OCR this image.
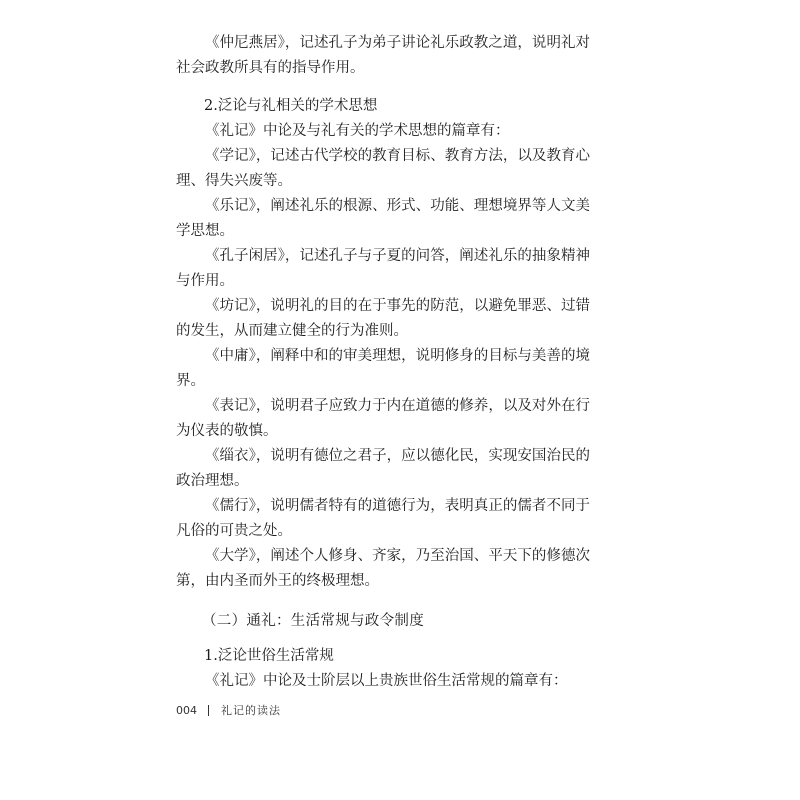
《仲尼燕居》，记述孔子为弟子讲论礼乐政教之道，说明礼对社会政教所具有的指导作用。

2.泛论与礼相关的学术思想

《礼记》中论及与礼有关的学术思想的篇章有：

《学记》，记述古代学校的教育目标、教育方法，以及教育心理、得失兴废等。

《乐记》，阐述礼乐的根源、形式、功能、理想境界等人文美学思想。

《孔子闲居》，记述孔子与子夏的问答，阐述礼乐的抽象精神与作用。

《坊记》，说明礼的目的在于事先的防范，以避免罪恶、过错的发生，从而建立健全的行为准则。

《中庸》，阐释中和的审美理想，说明修身的目标与美善的境界。

《表记》，说明君子应致力于内在道德的修养，以及对外在行为仪表的敬慎。

《缁衣》，说明有德位之君子，应以德化民，实现安国治民的政治理想。

《儒行》，说明儒者特有的道德行为，表明真正的儒者不同于凡俗的可贵之处。

《大学》，阐述个人修身、齐家，乃至治国、平天下的修德次第，由内圣而外王的终极理想。

（二）通礼：生活常规与政令制度
1.泛论世俗生活常规

《礼记》中论及士阶层以上贵族世俗生活常规的篇章有：

004 礼记的读法
